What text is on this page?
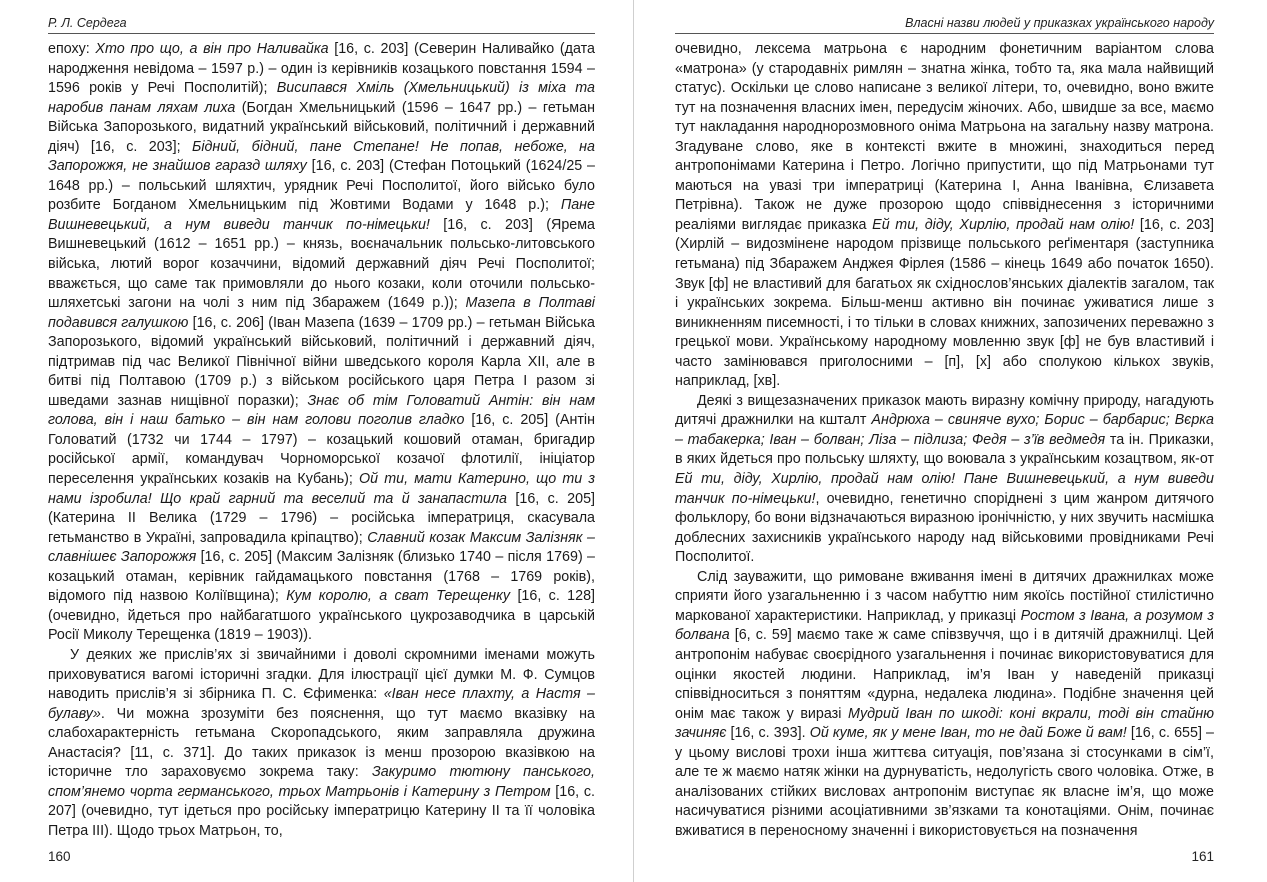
Р. Л. Сердега

епоху: Хто про що, а він про Наливайка [16, с. 203] (Северин Наливайко (дата народження невідома – 1597 р.) – один із керівників козацького повстання 1594 – 1596 років у Речі Посполитій); Висипався Хміль (Хмельницький) із міха та наробив панам ляхам лиха (Богдан Хмельницький (1596 – 1647 рр.) – гетьман Війська Запорозького, видатний український військовий, політичний і державний діяч) [16, с. 203]; Бідний, бідний, пане Степане! Не попав, небоже, на Запорожжя, не знайшов гаразд шляху [16, с. 203] (Стефан Потоцький (1624/25 – 1648 рр.) – польський шляхтич, урядник Речі Посполитої, його військо було розбите Богданом Хмельницьким під Жовтими Водами у 1648 р.); Пане Вишневецький, а нум виведи танчик по-німецьки! [16, с. 203] (Ярема Вишневецький (1612 – 1651 рр.) – князь, воєначальник польсько-литовського війська, лютий ворог козаччини, відомий державний діяч Речі Посполитої; вважється, що саме так примовляли до нього козаки, коли оточили польсько-шляхетські загони на чолі з ним під Збаражем (1649 р.)); Мазепа в Полтаві подавився галушкою [16, с. 206] (Іван Мазепа (1639 – 1709 рр.) – гетьман Війська Запорозького, відомий український військовий, політичний і державний діяч, підтримав під час Великої Північної війни шведського короля Карла XII, але в битві під Полтавою (1709 р.) з військом російського царя Петра I разом зі шведами зазнав нищівної поразки); Знає об тім Головатий Антін: він нам голова, він і наш батько – він нам голови поголив гладко [16, с. 205] (Антін Головатий (1732 чи 1744 – 1797) – козацький кошовий отаман, бригадир російської армії, командувач Чорноморської козачої флотилії, ініціатор переселення українських козаків на Кубань); Ой ти, мати Катерино, що ти з нами ізробила! Що край гарний та веселий та й занапастила [16, с. 205] (Катерина II Велика (1729 – 1796) – російська імператриця, скасувала гетьманство в Україні, запровадила кріпацтво); Славний козак Максим Залізняк – славнішеє Запорожжя [16, с. 205] (Максим Залізняк (близько 1740 – після 1769) – козацький отаман, керівник гайдамацького повстання (1768 – 1769 років), відомого під назвою Коліївщина); Кум королю, а сват Терещенку [16, с. 128] (очевидно, йдеться про найбагатшого українського цукрозаводчика в царській Росії Миколу Терещенка (1819 – 1903)).

У деяких же прислів’ях зі звичайними і доволі скромними іменами можуть приховуватися вагомі історичні згадки. Для ілюстрації цієї думки М. Ф. Сумцов наводить прислів’я зі збірника П. С. Єфименка: «Іван несе плахту, а Настя – булаву». Чи можна зрозуміти без пояснення, що тут маємо вказівку на слабохарактерність гетьмана Скоропадського, яким заправляла дружина Анастасія? [11, с. 371]. До таких приказок із менш прозорою вказівкою на історичне тло зараховуємо зокрема таку: Закуримо тютюну панського, спом’янемо чорта германського, трьох Матрьонів і Катерину з Петром [16, с. 207] (очевидно, тут ідеться про російську імператрицю Катерину II та її чоловіка Петра III). Щодо трьох Матрьон, то,

160
Власні назви людей у приказках українського народу

очевидно, лексема матрьона є народним фонетичним варіантом слова «матрона» (у стародавніх римлян – знатна жінка, тобто та, яка мала найвищий статус). Оскільки це слово написане з великої літери, то, очевидно, воно вжите тут на позначення власних імен, передусім жіночих. Або, швидше за все, маємо тут накладання народнорозмовного оніма Матрьона на загальну назву матрона. Згадуване слово, яке в контексті вжите в множині, знаходиться перед антропонімами Катерина і Петро. Логічно припустити, що під Матрьонами тут маються на увазі три імператриці (Катерина I, Анна Іванівна, Єлизавета Петрівна). Також не дуже прозорою щодо співвіднесення з історичними реаліями виглядає приказка Ей ти, діду, Хирлію, продай нам олію! [16, с. 203] (Хирлій – видозмінене народом прізвище польського реґіментаря (заступника гетьмана) під Збаражем Анджея Фірлея (1586 – кінець 1649 або початок 1650). Звук [ф] не властивий для багатьох як східнослов’янських діалектів загалом, так і українських зокрема. Більш-менш активно він починає уживатися лише з виникненням писемності, і то тільки в словах книжних, запозичених переважно з грецької мови. Українському народному мовленню звук [ф] не був властивий і часто замінювався приголосними – [п], [х] або сполукою кількох звуків, наприклад, [хв].

Деякі з вищезазначених приказок мають виразну комічну природу, нагадують дитячі дражнилки на кшталт Андрюха – свиняче вухо; Борис – барбарис; Вєрка – табакерка; Іван – болван; Ліза – підлиза; Федя – з’їв ведмедя та ін. Приказки, в яких йдеться про польську шляхту, що воювала з українським козацтвом, як-от Ей ти, діду, Хирлію, продай нам олію! Пане Вишневецький, а нум виведи танчик по-німецьки!, очевидно, генетично споріднені з цим жанром дитячого фольклору, бо вони відзначаються виразною іронічністю, у них звучить насмішка доблесних захисників українського народу над військовими провідниками Речі Посполитої.

Слід зауважити, що римоване вживання імені в дитячих дражнилках може сприяти його узагальненню і з часом набуттю ним якоїсь постійної стилістично маркованої характеристики. Наприклад, у приказці Ростом з Івана, а розумом з болвана [6, с. 59] маємо таке ж саме співзвуччя, що і в дитячій дражнилці. Цей антропонім набуває своєрідного узагальнення і починає використовуватися для оцінки якостей людини. Наприклад, ім’я Іван у наведеній приказці співвідноситься з поняттям «дурна, недалека людина». Подібне значення цей онім має також у виразі Мудрий Іван по шкоді: коні вкрали, тоді він стайню зачиняє [16, с. 393]. Ой куме, як у мене Іван, то не дай Боже й вам! [16, с. 655] – у цьому вислові трохи інша життєва ситуація, пов’язана зі стосунками в сім’ї, але те ж маємо натяк жінки на дурнуватість, недолугість свого чоловіка. Отже, в аналізованих стійких висловах антропонім виступає як власне ім’я, що може насичуватися різними асоціативними зв’язками та конотаціями. Онім, починає вживатися в переносному значенні і використовується на позначення

161
